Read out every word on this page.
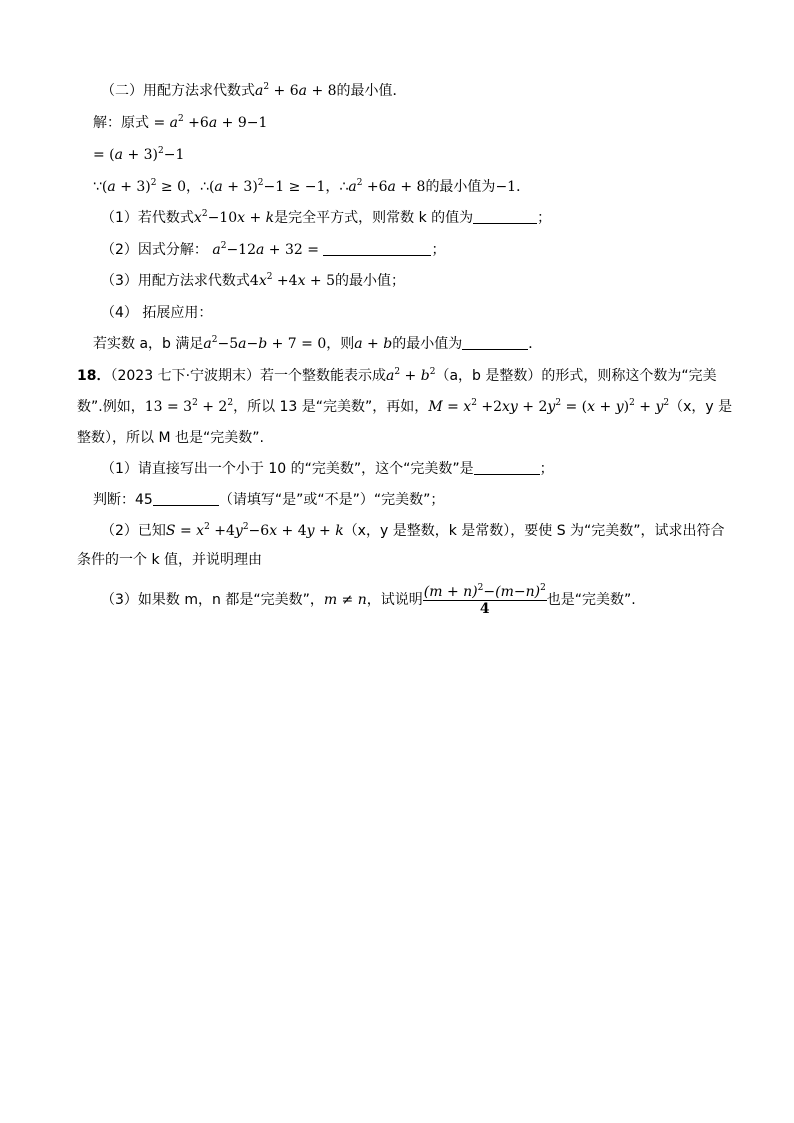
（二）用配方法求代数式$a^2 + 6a + 8$的最小值．
解：原式 = $a^2 +6a + 9-1$
= $(a + 3)^2-1$
∵(a + 3)$^2$ ≥ 0，∴(a + 3)$^2$−1 ≥ −1，$\therefore a^2 +6a + 8$的最小值为−1．
（1）若代数式$x^2-10x + k$是完全平方式，则常数 k 的值为	；
（2）因式分解： $a^2-12a + 32$ =	；
（3）用配方法求代数式$4x^2 +4x + 5$的最小值；
（4） 拓展应用：
若实数 a，b 满足$a^2-5a-b + 7 = 0$，则a + b的最小值为	．
18．（2023 七下·宁波期末）若一个整数能表示成$a^2 + b^2(a$，b 是整数）的形式，则称这个数为“完美
数”.例如，$13 = 3^2 + 2^2$，所以 13 是“完美数”，再如，$M = x^2 +2xy + 2y^2 = (x + y)^2 + y^2(x$，y 是
整数），所以 M 也是“完美数”.
（1）请直接写出一个小于 10 的“完美数”，这个“完美数”是	；
判断：45	（请填写“是”或“不是”）“完美数”；
（2）已知$S = x^2 +4y^2-6x + 4y + k(x$，y 是整数，k 是常数），要使 S 为“完美数”，试求出符合
条件的一个 k 值，并说明理由
（3）如果数 m，n 都是“完美数”，m ≠ n，试说明 $\frac{(m + n)^2-(m-n)^2}{4}$ 也是“完美数”.
